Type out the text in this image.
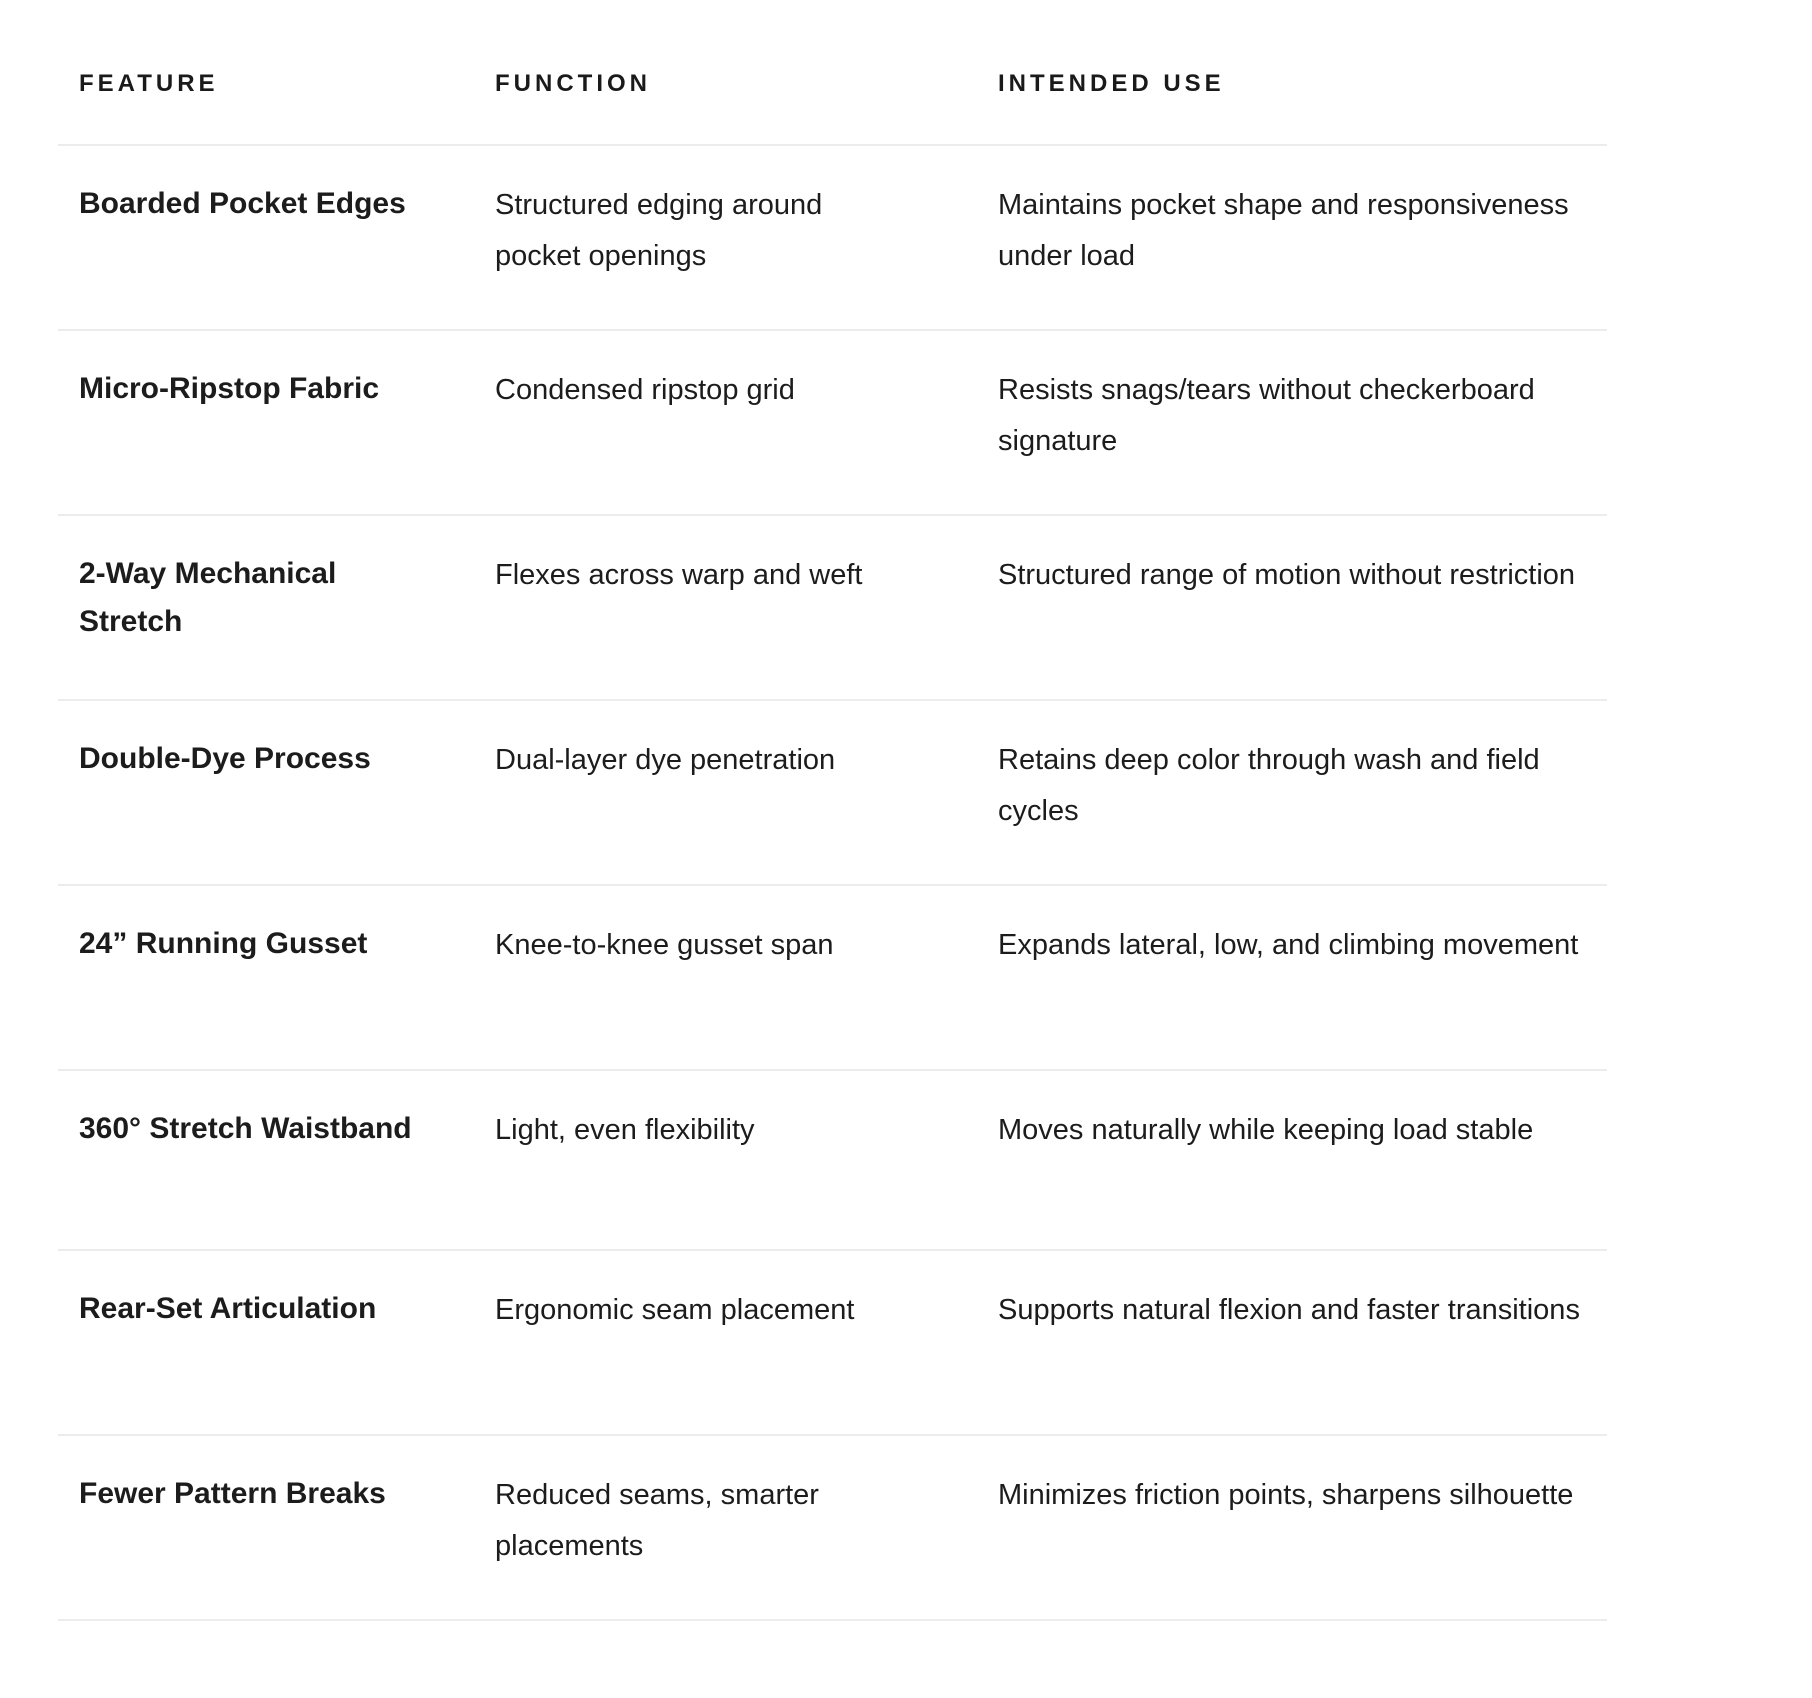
FEATURE	FUNCTION	INTENDED USE

Boarded Pocket Edges	Structured edging around pocket openings	Maintains pocket shape and responsiveness under load

Micro-Ripstop Fabric	Condensed ripstop grid	Resists snags/tears without checkerboard signature

2-Way Mechanical Stretch	Flexes across warp and weft	Structured range of motion without restriction

Double-Dye Process	Dual-layer dye penetration	Retains deep color through wash and field cycles

24” Running Gusset	Knee-to-knee gusset span	Expands lateral, low, and climbing movement

360° Stretch Waistband	Light, even flexibility	Moves naturally while keeping load stable

Rear-Set Articulation	Ergonomic seam placement	Supports natural flexion and faster transitions

Fewer Pattern Breaks	Reduced seams, smarter placements	Minimizes friction points, sharpens silhouette
